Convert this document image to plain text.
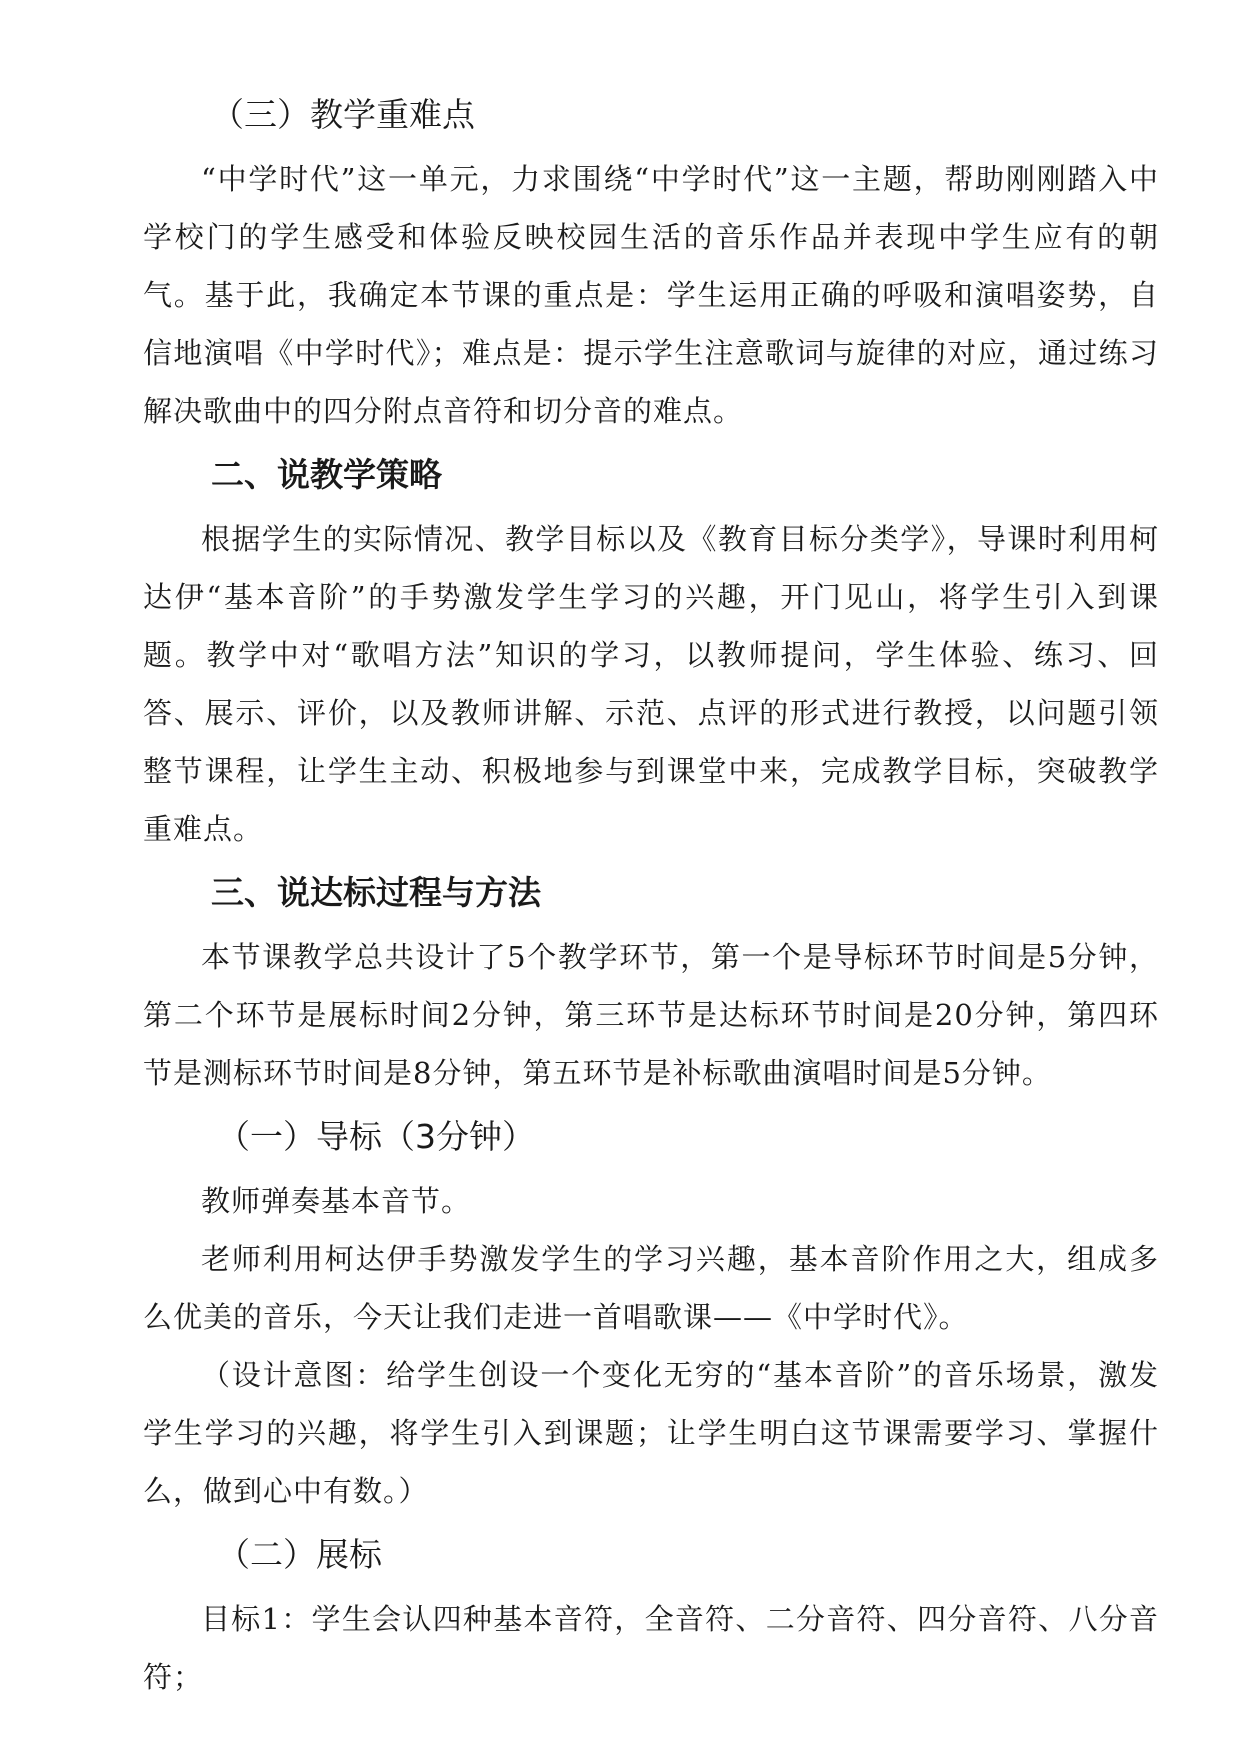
（三）教学重难点

“中学时代”这一单元，力求围绕“中学时代”这一主题，帮助刚刚踏入中学校门的学生感受和体验反映校园生活的音乐作品并表现中学生应有的朝气。基于此，我确定本节课的重点是：学生运用正确的呼吸和演唱姿势，自信地演唱《中学时代》；难点是：提示学生注意歌词与旋律的对应，通过练习解决歌曲中的四分附点音符和切分音的难点。

二、说教学策略

根据学生的实际情况、教学目标以及《教育目标分类学》，导课时利用柯达伊“基本音阶”的手势激发学生学习的兴趣，开门见山，将学生引入到课题。教学中对“歌唱方法”知识的学习，以教师提问，学生体验、练习、回答、展示、评价，以及教师讲解、示范、点评的形式进行教授，以问题引领整节课程，让学生主动、积极地参与到课堂中来，完成教学目标，突破教学重难点。

三、说达标过程与方法

本节课教学总共设计了5个教学环节，第一个是导标环节时间是5分钟，第二个环节是展标时间2分钟，第三环节是达标环节时间是20分钟，第四环节是测标环节时间是8分钟，第五环节是补标歌曲演唱时间是5分钟。

（一）导标（3分钟）

教师弹奏基本音节。

老师利用柯达伊手势激发学生的学习兴趣，基本音阶作用之大，组成多么优美的音乐，今天让我们走进一首唱歌课——《中学时代》。

（设计意图：给学生创设一个变化无穷的“基本音阶”的音乐场景，激发学生学习的兴趣，将学生引入到课题；让学生明白这节课需要学习、掌握什么，做到心中有数。）

（二）展标

目标1：学生会认四种基本音符，全音符、二分音符、四分音符、八分音符；
